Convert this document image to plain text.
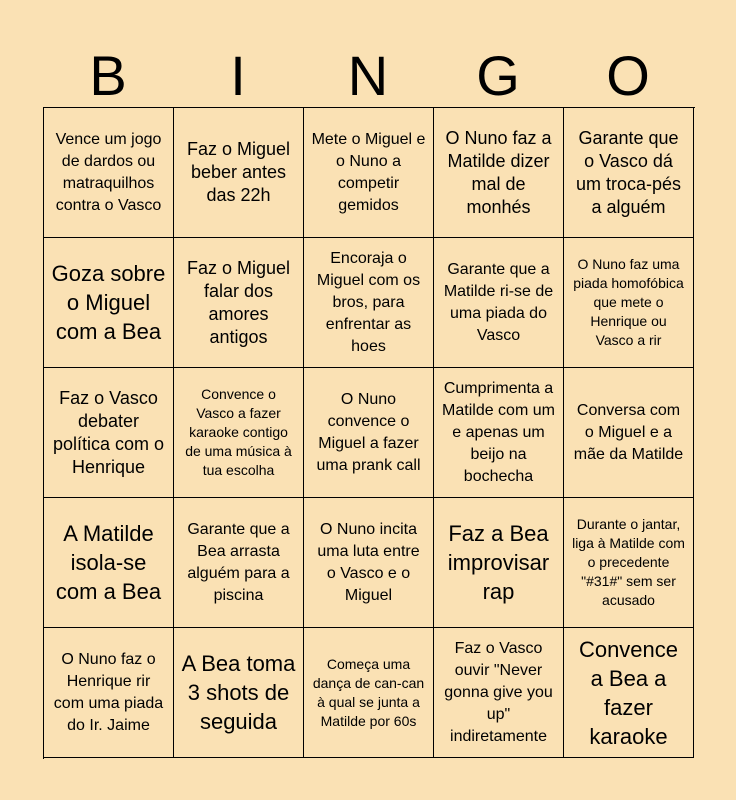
B	I	N	G	O
Vence um jogo de dardos ou matraquilhos contra o Vasco
Faz o Miguel beber antes das 22h
Mete o Miguel e o Nuno a competir gemidos
O Nuno faz a Matilde dizer mal de monhés
Garante que o Vasco dá um troca-pés a alguém
Goza sobre o Miguel com a Bea
Faz o Miguel falar dos amores antigos
Encoraja o Miguel com os bros, para enfrentar as hoes
Garante que a Matilde ri-se de uma piada do Vasco
O Nuno faz uma piada homofóbica que mete o Henrique ou Vasco a rir
Faz o Vasco debater política com o Henrique
Convence o Vasco a fazer karaoke contigo de uma música à tua escolha
O Nuno convence o Miguel a fazer uma prank call
Cumprimenta a Matilde com um e apenas um beijo na bochecha
Conversa com o Miguel e a mãe da Matilde
A Matilde isola-se com a Bea
Garante que a Bea arrasta alguém para a piscina
O Nuno incita uma luta entre o Vasco e o Miguel
Faz a Bea improvisar rap
Durante o jantar, liga à Matilde com o precedente "#31#" sem ser acusado
O Nuno faz o Henrique rir com uma piada do Ir. Jaime
A Bea toma 3 shots de seguida
Começa uma dança de can-can à qual se junta a Matilde por 60s
Faz o Vasco ouvir "Never gonna give you up" indiretamente
Convence a Bea a fazer karaoke
